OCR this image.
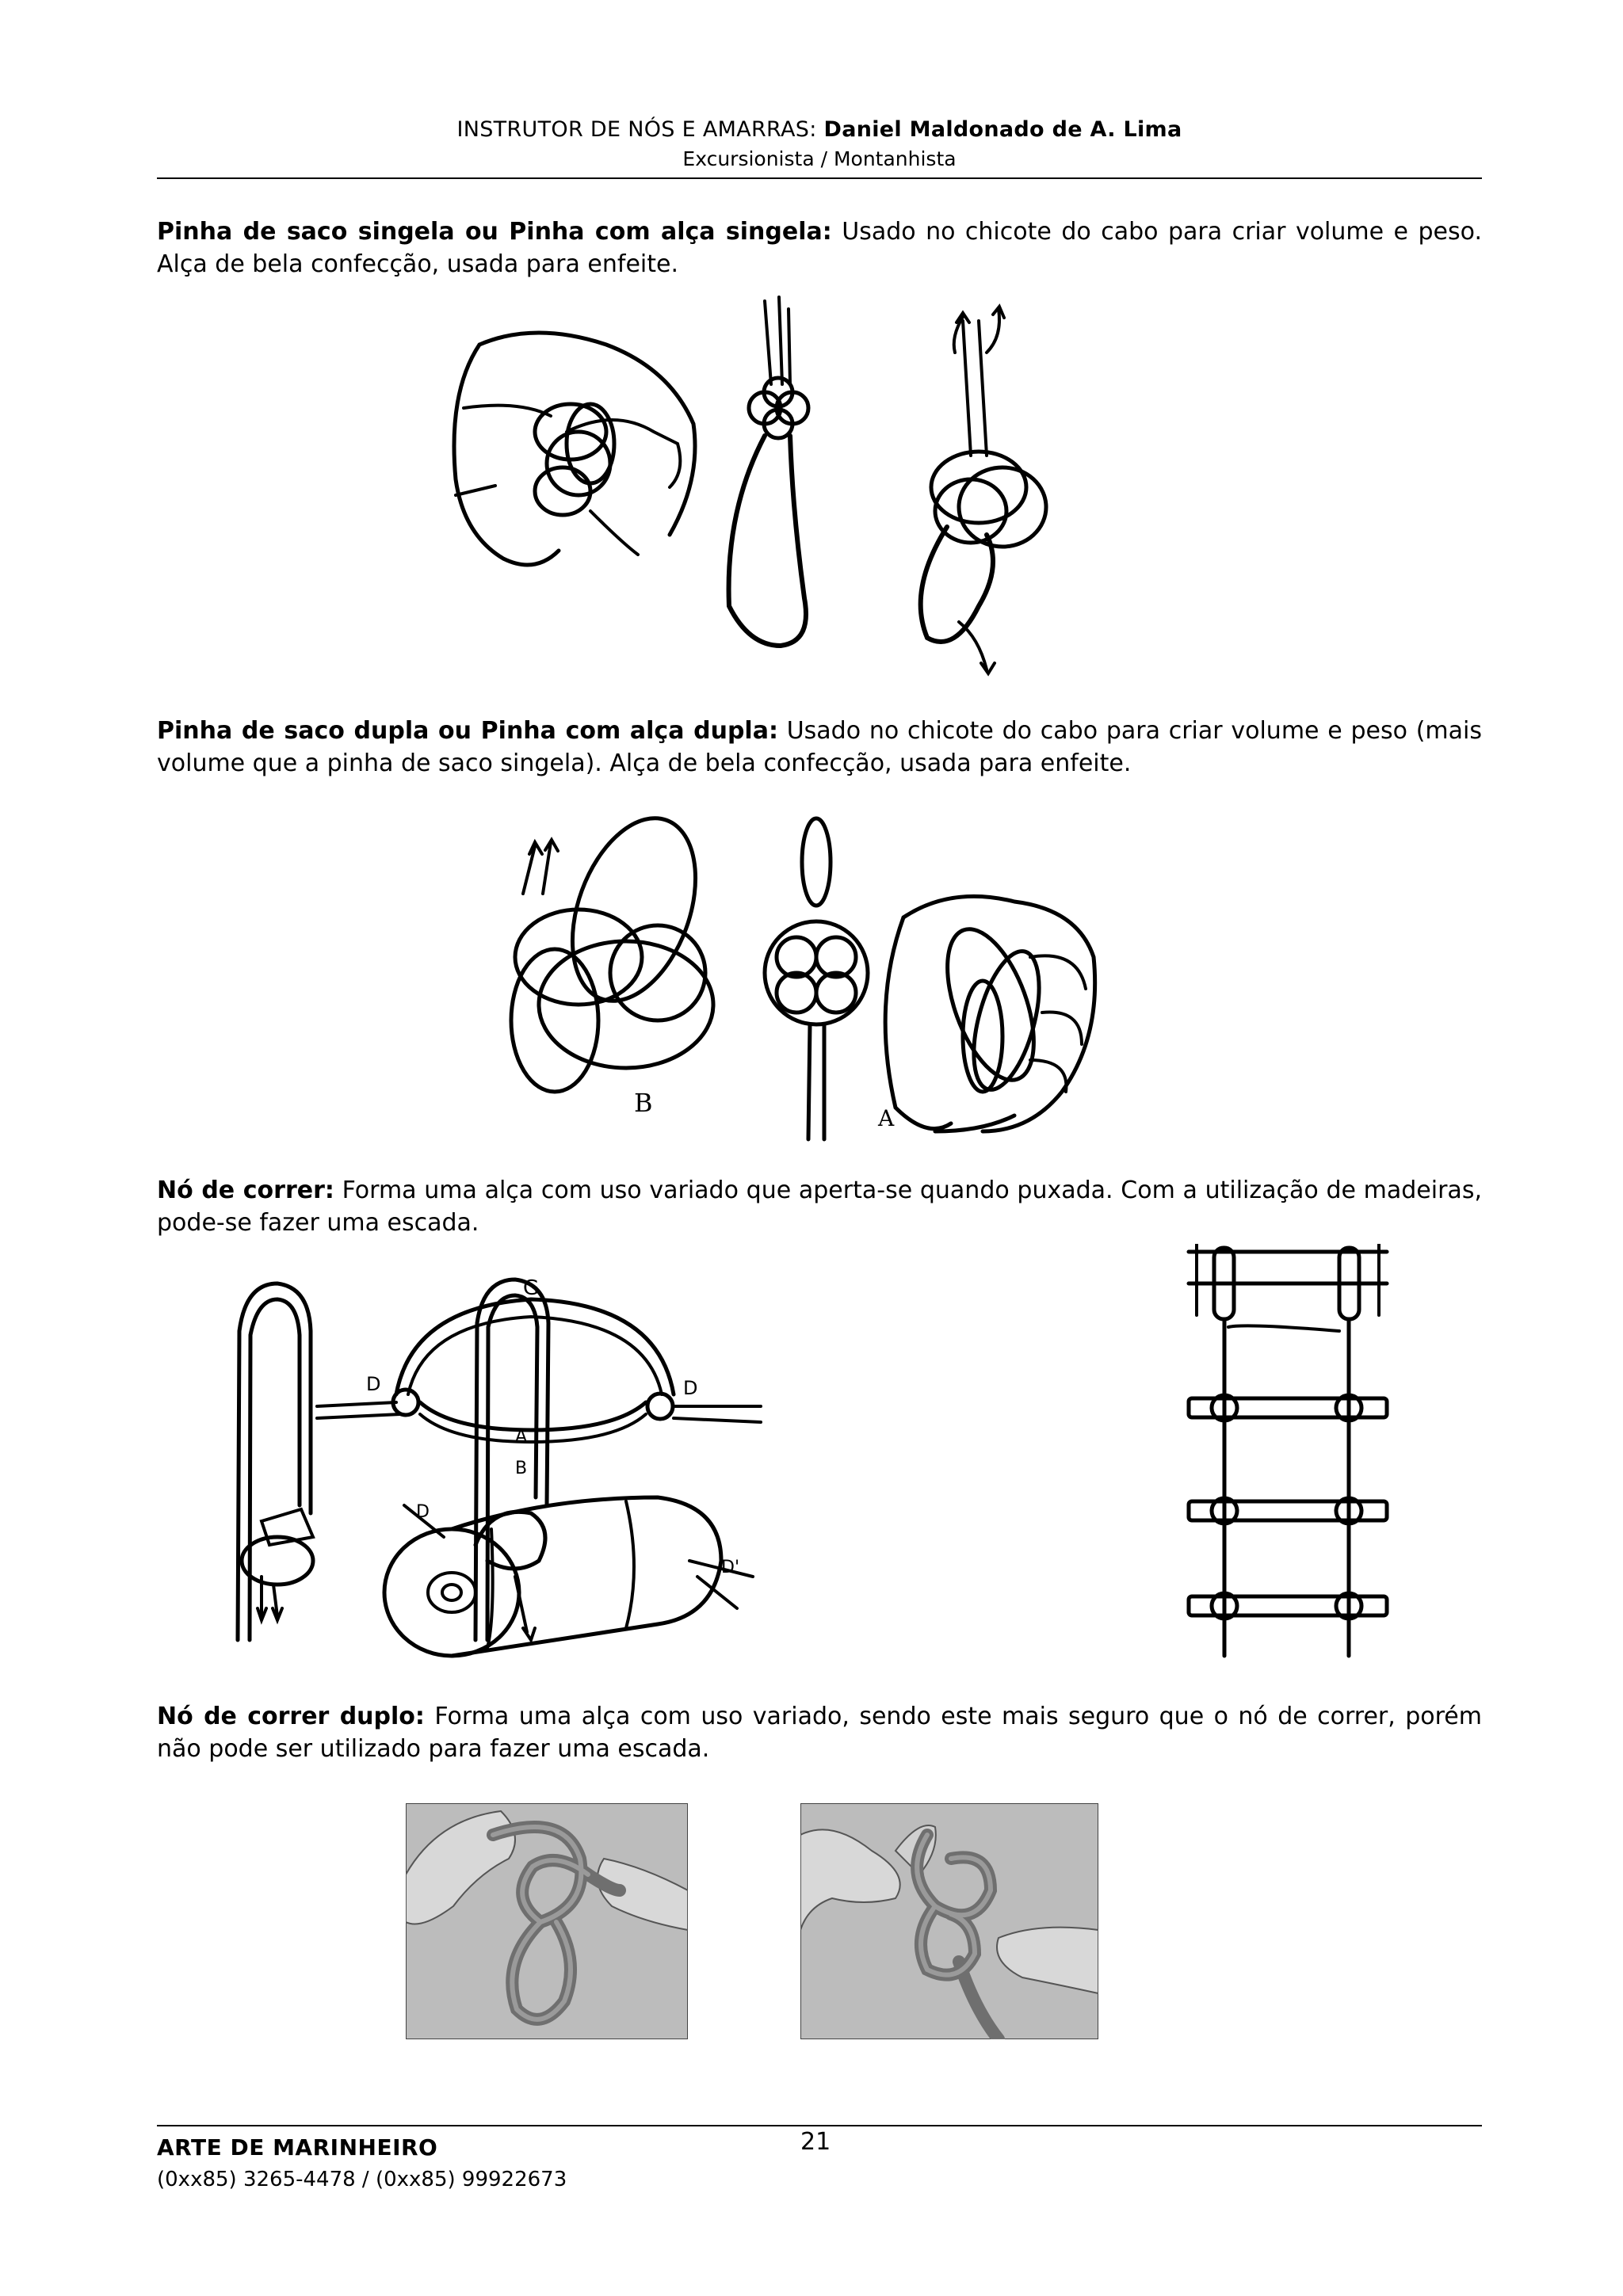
INSTRUTOR DE NÓS E AMARRAS: Daniel Maldonado de A. Lima
Excursionista / Montanhista
Pinha de saco singela ou Pinha com alça singela: Usado no chicote do cabo para criar volume e peso. Alça de bela confecção, usada para enfeite.
Pinha de saco dupla ou Pinha com alça dupla: Usado no chicote do cabo para criar volume e peso (mais volume que a pinha de saco singela). Alça de bela confecção, usada para enfeite.
B
A
Nó de correr: Forma uma alça com uso variado que aperta-se quando puxada. Com a utilização de madeiras, pode-se fazer uma escada.
G
D	D
A
B
D
D'
Nó de correr duplo: Forma uma alça com uso variado, sendo este mais seguro que o nó de correr, porém não pode ser utilizado para fazer uma escada.
ARTE DE MARINHEIRO
(0xx85) 3265-4478 / (0xx85) 99922673
21
